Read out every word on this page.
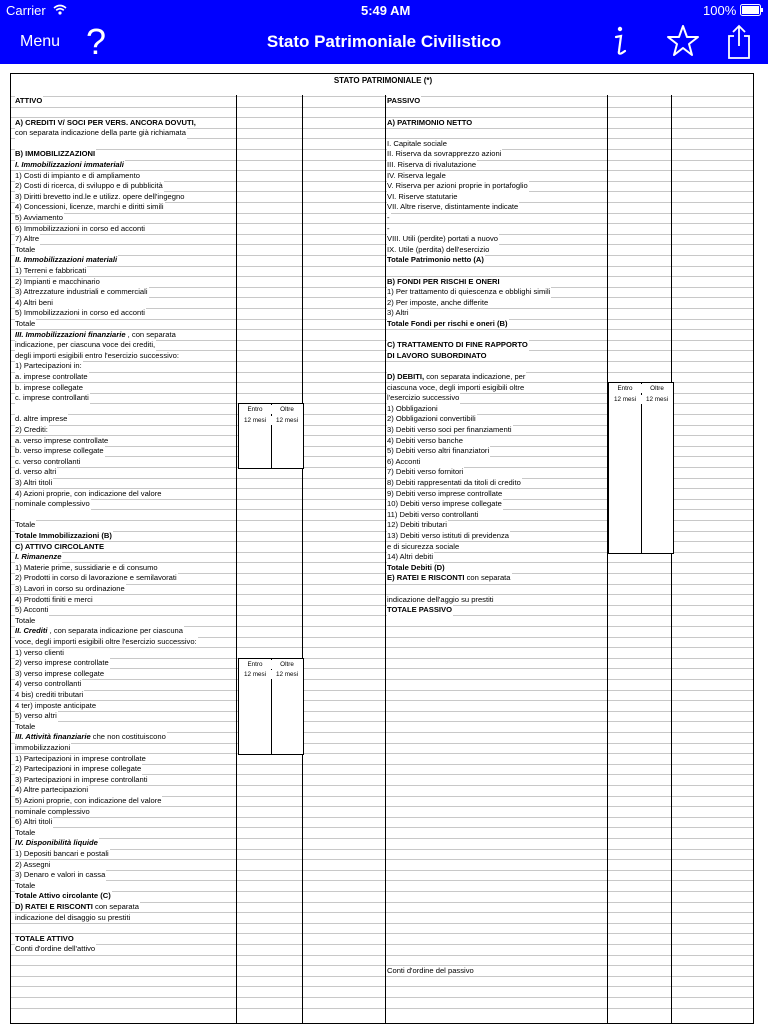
Carrier	5:49 AM	100%
Menu ?	Stato Patrimoniale Civilistico
STATO PATRIMONIALE (*)
ATTIVO
A) CREDITI V/ SOCI PER VERS. ANCORA DOVUTI,
con separata indicazione della parte già richiamata
B) IMMOBILIZZAZIONI
I. Immobilizzazioni immateriali
1) Costi di impianto e di ampliamento
2) Costi di ricerca, di sviluppo e di pubblicità
3) Diritti brevetto ind.le e utilizz. opere dell'ingegno
4) Concessioni, licenze, marchi e diritti simili
5) Avviamento
6) Immobilizzazioni in corso ed acconti
7) Altre
Totale
II. Immobilizzazioni materiali
1) Terreni e fabbricati
2) Impianti e macchinario
3) Attrezzature industriali e commerciali
4) Altri beni
5) Immobilizzazioni in corso ed acconti
Totale
III. Immobilizzazioni finanziarie , con separata
indicazione, per ciascuna voce dei crediti,
degli importi esigibili entro l'esercizio successivo:
1) Partecipazioni in:
a. imprese controllate
b. imprese collegate
c. imprese controllanti
d. altre imprese
2) Crediti:
a. verso imprese controllate
b. verso imprese collegate
c. verso controllanti
d. verso altri
3) Altri titoli
4) Azioni proprie, con indicazione del valore
nominale complessivo
Totale
Totale Immobilizzazioni (B)
C) ATTIVO CIRCOLANTE
I. Rimanenze
1) Materie prime, sussidiarie e di consumo
2) Prodotti in corso di lavorazione e semilavorati
3) Lavori in corso su ordinazione
4) Prodotti finiti e merci
5) Acconti
Totale
II. Crediti , con separata indicazione per ciascuna
voce, degli importi esigibili oltre l'esercizio successivo:
1) verso clienti
2) verso imprese controllate
3) verso imprese collegate
4) verso controllanti
4 bis) crediti tributari
4 ter) imposte anticipate
5) verso altri
Totale
III. Attività finanziarie che non costituiscono
immobilizzazioni
1) Partecipazioni in imprese controllate
2) Partecipazioni in imprese collegate
3) Partecipazioni in imprese controllanti
4) Altre partecipazioni
5) Azioni proprie, con indicazione del valore
nominale complessivo
6) Altri titoli
Totale
IV. Disponibilità liquide
1) Depositi bancari e postali
2) Assegni
3) Denaro e valori in cassa
Totale
Totale Attivo circolante (C)
D) RATEI E RISCONTI con separata
indicazione del disaggio su prestiti
TOTALE ATTIVO
Conti d'ordine dell'attivo
PASSIVO
A) PATRIMONIO NETTO
I. Capitale sociale
II. Riserva da sovrapprezzo azioni
III. Riserva di rivalutazione
IV. Riserva legale
V. Riserva per azioni proprie in portafoglio
VI. Riserve statutarie
VII. Altre riserve, distintamente indicate
-
-
VIII. Utili (perdite) portati a nuovo
IX. Utile (perdita) dell'esercizio
Totale Patrimonio netto (A)
B) FONDI PER RISCHI E ONERI
1) Per trattamento di quiescenza e obblighi simili
2) Per imposte, anche differite
3) Altri
Totale Fondi per rischi e oneri (B)
C) TRATTAMENTO DI FINE RAPPORTO
DI LAVORO SUBORDINATO
D) DEBITI, con separata indicazione, per
ciascuna voce, degli importi esigibili oltre
l'esercizio successivo
1) Obbligazioni
2) Obbligazioni convertibili
3) Debiti verso soci per finanziamenti
4) Debiti verso banche
5) Debiti verso altri finanziatori
6) Acconti
7) Debiti verso fornitori
8) Debiti rappresentati da titoli di credito
9) Debiti verso imprese controllate
10) Debiti verso imprese collegate
11) Debiti verso controllanti
12) Debiti tributari
13) Debiti verso istituti di previdenza
e di sicurezza sociale
14) Altri debiti
Totale Debiti (D)
E) RATEI E RISCONTI con separata
indicazione dell'aggio su prestiti
TOTALE PASSIVO
Conti d'ordine del passivo
Entro	Oltre
12 mesi	12 mesi
Entro	Oltre
12 mesi	12 mesi
Entro	Oltre
12 mesi	12 mesi
